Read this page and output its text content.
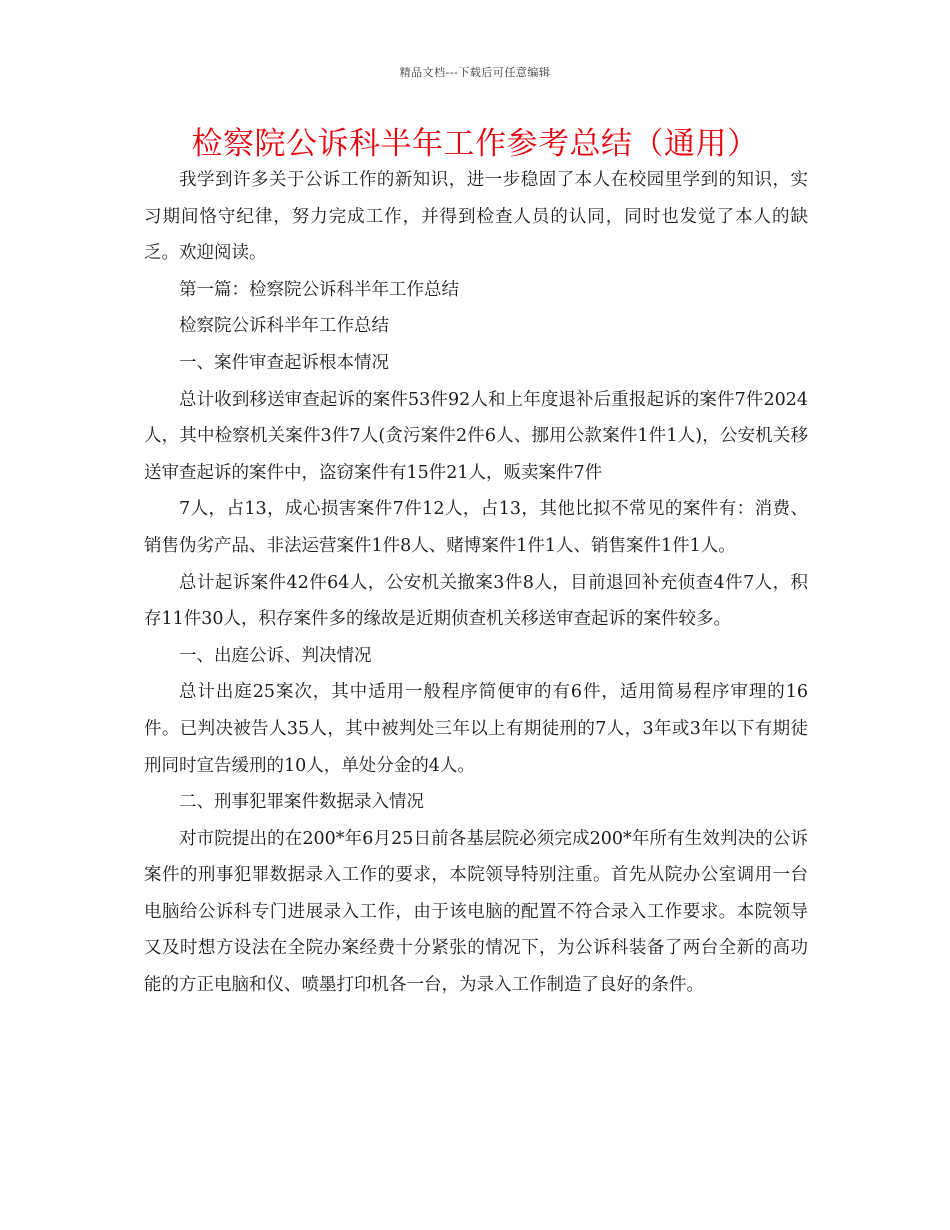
精品文档---下载后可任意编辑
检察院公诉科半年工作参考总结（通用）

我学到许多关于公诉工作的新知识，进一步稳固了本人在校园里学到的知识，实习期间恪守纪律，努力完成工作，并得到检查人员的认同，同时也发觉了本人的缺乏。欢迎阅读。

第一篇：检察院公诉科半年工作总结

检察院公诉科半年工作总结

一、案件审查起诉根本情况

总计收到移送审查起诉的案件53件92人和上年度退补后重报起诉的案件7件2024人，其中检察机关案件3件7人(贪污案件2件6人、挪用公款案件1件1人)，公安机关移送审查起诉的案件中，盗窃案件有15件21人，贩卖案件7件

7人，占13，成心损害案件7件12人，占13，其他比拟不常见的案件有：消费、销售伪劣产品、非法运营案件1件8人、赌博案件1件1人、销售案件1件1人。

总计起诉案件42件64人，公安机关撤案3件8人，目前退回补充侦查4件7人，积存11件30人，积存案件多的缘故是近期侦查机关移送审查起诉的案件较多。

一、出庭公诉、判决情况

总计出庭25案次，其中适用一般程序简便审的有6件，适用简易程序审理的16件。已判决被告人35人，其中被判处三年以上有期徒刑的7人，3年或3年以下有期徒刑同时宣告缓刑的10人，单处分金的4人。

二、刑事犯罪案件数据录入情况

对市院提出的在200*年6月25日前各基层院必须完成200*年所有生效判决的公诉案件的刑事犯罪数据录入工作的要求，本院领导特别注重。首先从院办公室调用一台电脑给公诉科专门进展录入工作，由于该电脑的配置不符合录入工作要求。本院领导又及时想方设法在全院办案经费十分紧张的情况下，为公诉科装备了两台全新的高功能的方正电脑和仪、喷墨打印机各一台，为录入工作制造了良好的条件。
